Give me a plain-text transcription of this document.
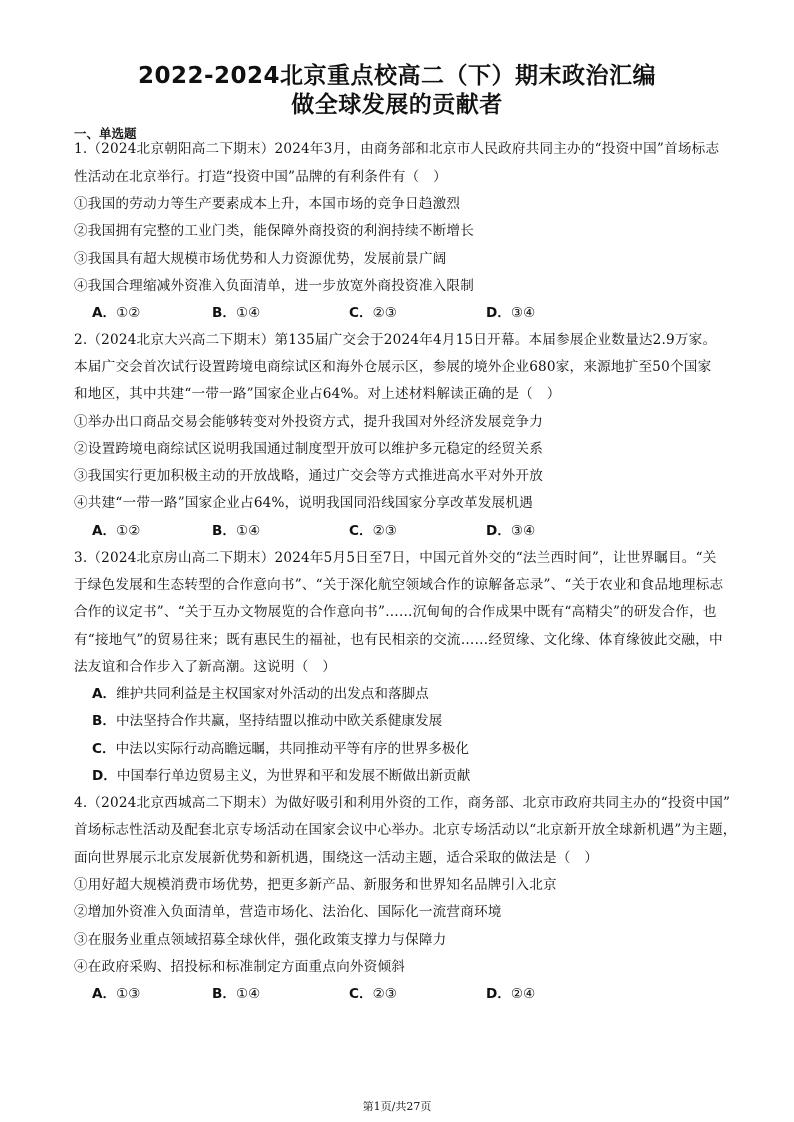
2022-2024北京重点校高二（下）期末政治汇编
做全球发展的贡献者
一、单选题
1.（2024北京朝阳高二下期末）2024年3月，由商务部和北京市人民政府共同主办的“投资中国”首场标志
性活动在北京举行。打造“投资中国”品牌的有利条件有（　）
①我国的劳动力等生产要素成本上升，本国市场的竞争日趋激烈
②我国拥有完整的工业门类，能保障外商投资的利润持续不断增长
③我国具有超大规模市场优势和人力资源优势，发展前景广阔
④我国合理缩减外资准入负面清单，进一步放宽外商投资准入限制
A．①②	B．①④	C．②③	D．③④
2.（2024北京大兴高二下期末）第135届广交会于2024年4月15日开幕。本届参展企业数量达2.9万家。
本届广交会首次试行设置跨境电商综试区和海外仓展示区，参展的境外企业680家，来源地扩至50个国家
和地区，其中共建“一带一路”国家企业占64%。对上述材料解读正确的是（　）
①举办出口商品交易会能够转变对外投资方式，提升我国对外经济发展竞争力
②设置跨境电商综试区说明我国通过制度型开放可以维护多元稳定的经贸关系
③我国实行更加积极主动的开放战略，通过广交会等方式推进高水平对外开放
④共建“一带一路”国家企业占64%，说明我国同沿线国家分享改革发展机遇
A．①②	B．①④	C．②③	D．③④
3.（2024北京房山高二下期末）2024年5月5日至7日，中国元首外交的“法兰西时间”，让世界瞩目。“关
于绿色发展和生态转型的合作意向书”、“关于深化航空领域合作的谅解备忘录”、“关于农业和食品地理标志
合作的议定书”、“关于互办文物展览的合作意向书”……沉甸甸的合作成果中既有“高精尖”的研发合作，也
有“接地气”的贸易往来；既有惠民生的福祉，也有民相亲的交流……经贸缘、文化缘、体育缘彼此交融，中
法友谊和合作步入了新高潮。这说明（　）
A．维护共同利益是主权国家对外活动的出发点和落脚点
B．中法坚持合作共赢，坚持结盟以推动中欧关系健康发展
C．中法以实际行动高瞻远瞩，共同推动平等有序的世界多极化
D．中国奉行单边贸易主义，为世界和平和发展不断做出新贡献
4.（2024北京西城高二下期末）为做好吸引和利用外资的工作，商务部、北京市政府共同主办的“投资中国”
首场标志性活动及配套北京专场活动在国家会议中心举办。北京专场活动以“北京新开放全球新机遇”为主题，
面向世界展示北京发展新优势和新机遇，围绕这一活动主题，适合采取的做法是（　）
①用好超大规模消费市场优势，把更多新产品、新服务和世界知名品牌引入北京
②增加外资准入负面清单，营造市场化、法治化、国际化一流营商环境
③在服务业重点领域招募全球伙伴，强化政策支撑力与保障力
④在政府采购、招投标和标准制定方面重点向外资倾斜
A．①③	B．①④	C．②③	D．②④
第1页/共27页
